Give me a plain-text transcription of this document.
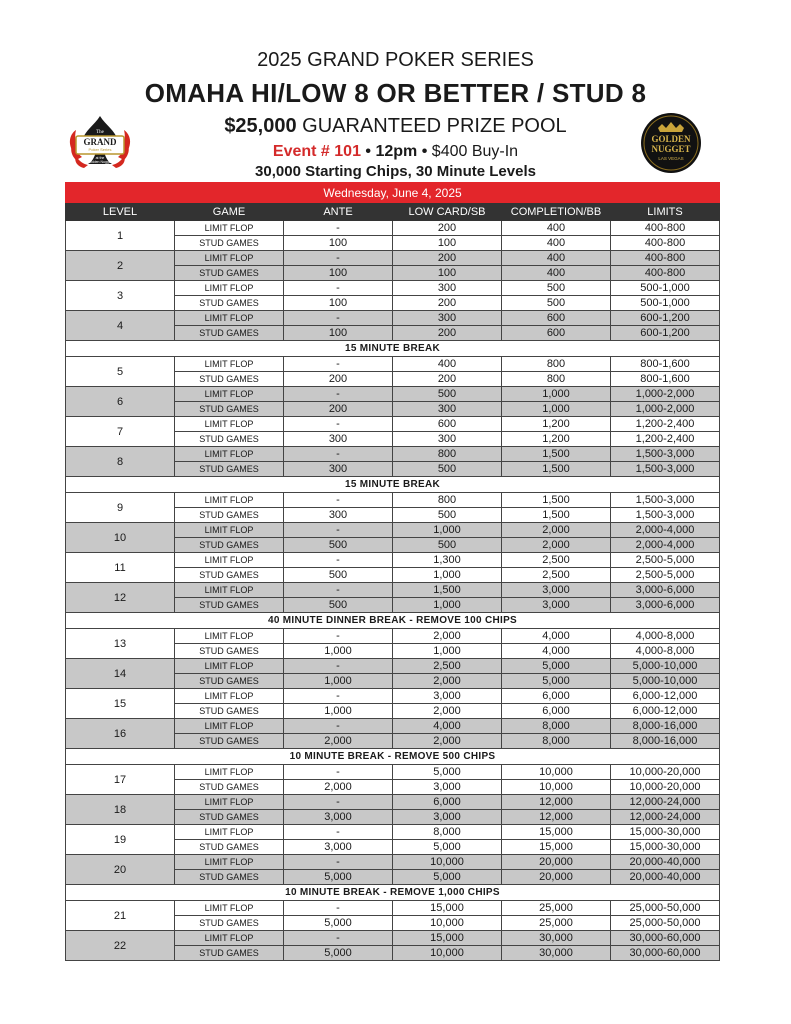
2025 GRAND POKER SERIES
OMAHA HI/LOW 8 OR BETTER / STUD 8
$25,000 GUARANTEED PRIZE POOL
Event # 101 • 12pm • $400 Buy-In
30,000 Starting Chips, 30 Minute Levels
The
GRAND
Poker Series
at the
Golden Nugget
GOLDEN
NUGGET
LAS VEGAS
Wednesday, June 4, 2025					
LEVEL	GAME	ANTE	LOW CARD/SB	COMPLETION/BB	LIMITS
1	LIMIT FLOP	-	200	400	400-800
	STUD GAMES	100	100	400	400-800
2	LIMIT FLOP	-	200	400	400-800
	STUD GAMES	100	100	400	400-800
3	LIMIT FLOP	-	300	500	500-1,000
	STUD GAMES	100	200	500	500-1,000
4	LIMIT FLOP	-	300	600	600-1,200
	STUD GAMES	100	200	600	600-1,200
15 MINUTE BREAK					
5	LIMIT FLOP	-	400	800	800-1,600
	STUD GAMES	200	200	800	800-1,600
6	LIMIT FLOP	-	500	1,000	1,000-2,000
	STUD GAMES	200	300	1,000	1,000-2,000
7	LIMIT FLOP	-	600	1,200	1,200-2,400
	STUD GAMES	300	300	1,200	1,200-2,400
8	LIMIT FLOP	-	800	1,500	1,500-3,000
	STUD GAMES	300	500	1,500	1,500-3,000
15 MINUTE BREAK					
9	LIMIT FLOP	-	800	1,500	1,500-3,000
	STUD GAMES	300	500	1,500	1,500-3,000
10	LIMIT FLOP	-	1,000	2,000	2,000-4,000
	STUD GAMES	500	500	2,000	2,000-4,000
11	LIMIT FLOP	-	1,300	2,500	2,500-5,000
	STUD GAMES	500	1,000	2,500	2,500-5,000
12	LIMIT FLOP	-	1,500	3,000	3,000-6,000
	STUD GAMES	500	1,000	3,000	3,000-6,000
40 MINUTE DINNER BREAK - REMOVE 100 CHIPS					
13	LIMIT FLOP	-	2,000	4,000	4,000-8,000
	STUD GAMES	1,000	1,000	4,000	4,000-8,000
14	LIMIT FLOP	-	2,500	5,000	5,000-10,000
	STUD GAMES	1,000	2,000	5,000	5,000-10,000
15	LIMIT FLOP	-	3,000	6,000	6,000-12,000
	STUD GAMES	1,000	2,000	6,000	6,000-12,000
16	LIMIT FLOP	-	4,000	8,000	8,000-16,000
	STUD GAMES	2,000	2,000	8,000	8,000-16,000
10 MINUTE BREAK - REMOVE 500 CHIPS					
17	LIMIT FLOP	-	5,000	10,000	10,000-20,000
	STUD GAMES	2,000	3,000	10,000	10,000-20,000
18	LIMIT FLOP	-	6,000	12,000	12,000-24,000
	STUD GAMES	3,000	3,000	12,000	12,000-24,000
19	LIMIT FLOP	-	8,000	15,000	15,000-30,000
	STUD GAMES	3,000	5,000	15,000	15,000-30,000
20	LIMIT FLOP	-	10,000	20,000	20,000-40,000
	STUD GAMES	5,000	5,000	20,000	20,000-40,000
10 MINUTE BREAK - REMOVE 1,000 CHIPS					
21	LIMIT FLOP	-	15,000	25,000	25,000-50,000
	STUD GAMES	5,000	10,000	25,000	25,000-50,000
22	LIMIT FLOP	-	15,000	30,000	30,000-60,000
	STUD GAMES	5,000	10,000	30,000	30,000-60,000
